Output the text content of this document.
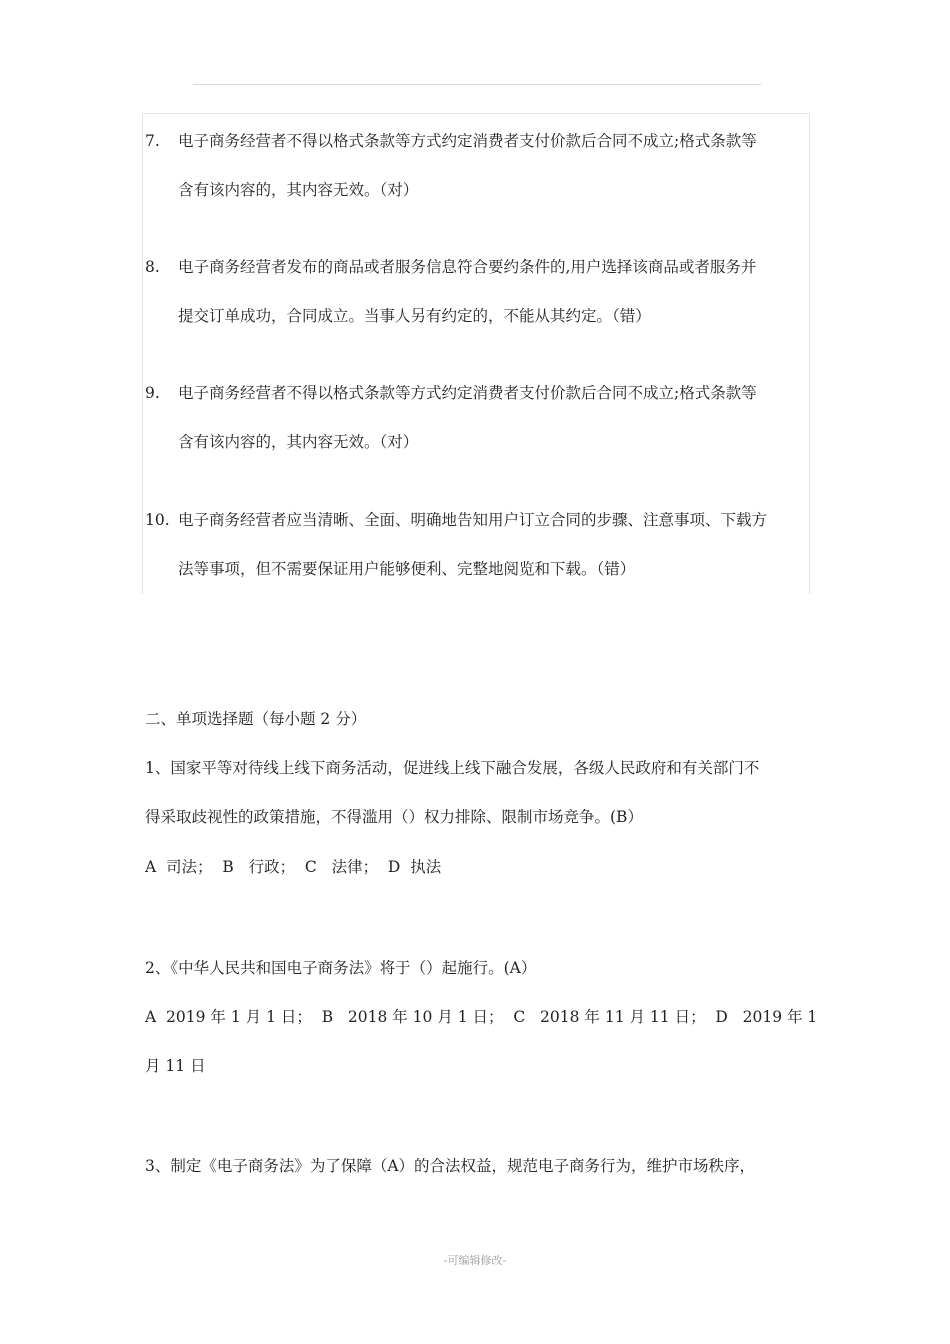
7. 电子商务经营者不得以格式条款等方式约定消费者支付价款后合同不成立;格式条款等
含有该内容的，其内容无效。（对）
8. 电子商务经营者发布的商品或者服务信息符合要约条件的,用户选择该商品或者服务并
提交订单成功，合同成立。当事人另有约定的，不能从其约定。（错）
9. 电子商务经营者不得以格式条款等方式约定消费者支付价款后合同不成立;格式条款等
含有该内容的，其内容无效。（对）
10. 电子商务经营者应当清晰、全面、明确地告知用户订立合同的步骤、注意事项、下载方
法等事项，但不需要保证用户能够便利、完整地阅览和下载。（错）
二、单项选择题（每小题 2 分）
1、国家平等对待线上线下商务活动，促进线上线下融合发展，各级人民政府和有关部门不
得采取歧视性的政策措施，不得滥用（）权力排除、限制市场竞争。(B）
A  司法；  B   行政；  C   法律；  D  执法
2、《中华人民共和国电子商务法》将于（）起施行。(A）
A  2019 年 1 月 1 日；  B   2018 年 10 月 1 日；  C   2018 年 11 月 11 日；  D   2019 年 1
月 11 日
3、制定《电子商务法》为了保障（A）的合法权益，规范电子商务行为，维护市场秩序，
-可编辑修改-
